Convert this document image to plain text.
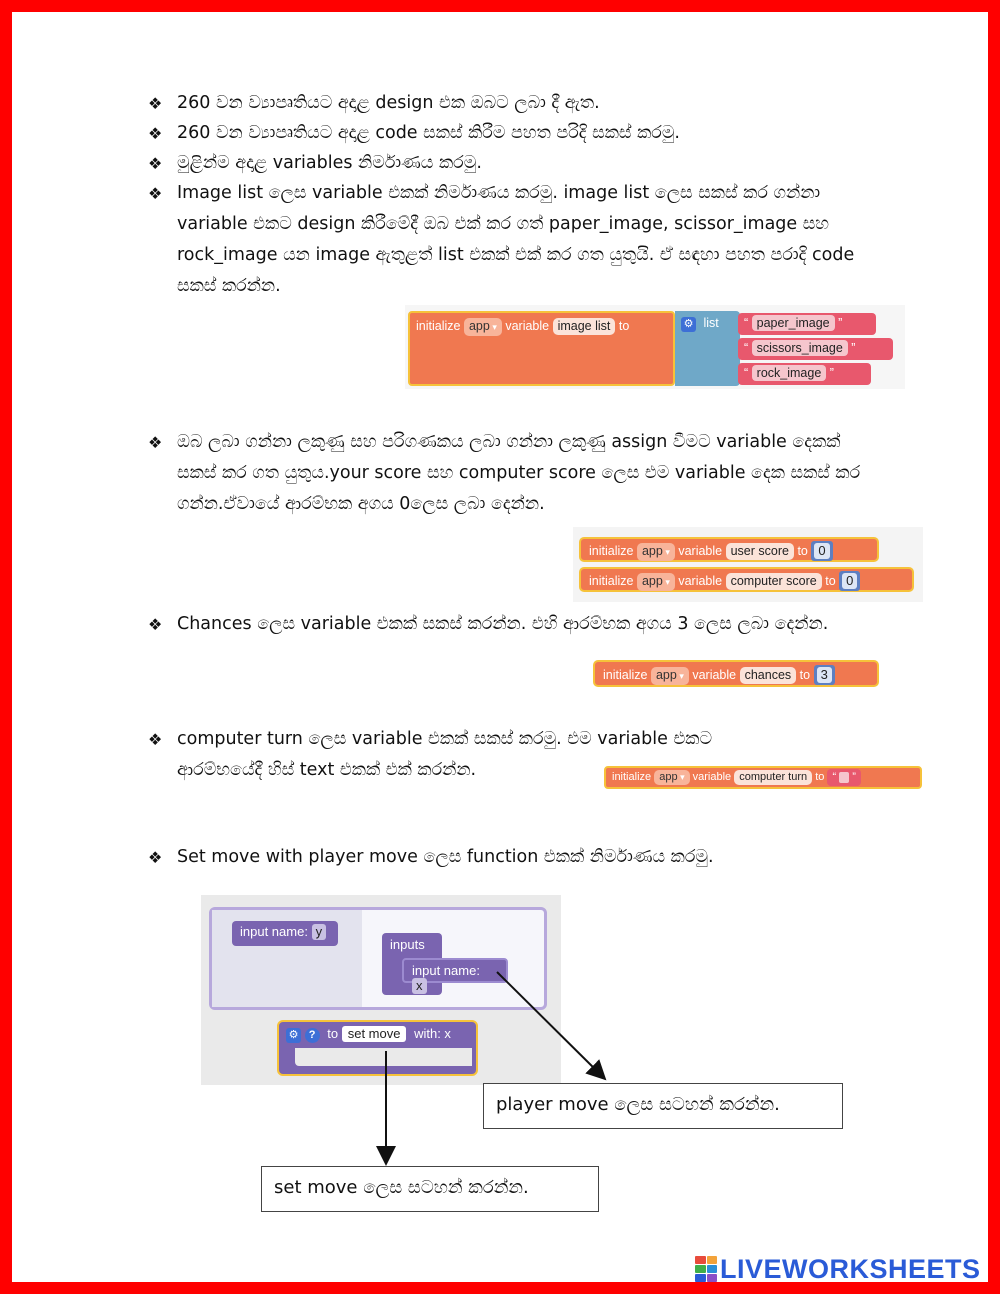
❖ 260 වන ව්‍යාපෘතියට අදාළ design එක ඔබට ලබා දී ඇත.
❖ 260 වන ව්‍යාපෘතියට අදාළ code සකස් කිරීම පහත පරිදි සකස් කරමු.
❖ මුළින්ම අදාළ variables නිර්මාණය කරමු.
❖ Image list ලෙස variable එකක් නිර්මාණය කරමු. image list ලෙස සකස් කර ගන්නා variable එකට design කිරීමේදී ඔබ එක් කර ගත් paper_image, scissor_image සහ rock_image යන image ඇතුළත් list එකක් එක් කර ගත යුතුයි. ඒ සඳහා පහත පරාදි code සකස් කරන්න.
initialize app ▾ variable image list to	⚙ list	“ paper_image ”
“ scissors_image ”
“ rock_image ”
❖ ඔබ ලබා ගන්නා ලකුණු සහ පරිගණකය ලබා ගන්නා ලකුණු assign වීමට variable දෙකක් සකස් කර ගත යුතුය.your score සහ computer score ලෙස එම variable දෙක සකස් කර ගන්න.ඒවායේ ආරම්භක අගය 0ලෙස ලබා දෙන්න.
initialize app ▾ variable user score to 0
initialize app ▾ variable computer score to 0
❖ Chances ලෙස variable එකක් සකස් කරන්න. එහි ආරම්භක අගය 3 ලෙස ලබා දෙන්න.
initialize app ▾ variable chances to 3
❖ computer turn ලෙස variable එකක් සකස් කරමු. එම variable එකට ආරම්භයේදී හිස් text එකක් එක් කරන්න.	initialize app ▾ variable computer turn to “ ”
❖ Set move with player move ලෙස function එකක් නිර්මාණය කරමු.
input name: y
inputs
input name: x
⚙ ? to set move with: x
player move ලෙස සටහන් කරන්න.
set move ලෙස සටහන් කරන්න.
LIVEWORKSHEETS
